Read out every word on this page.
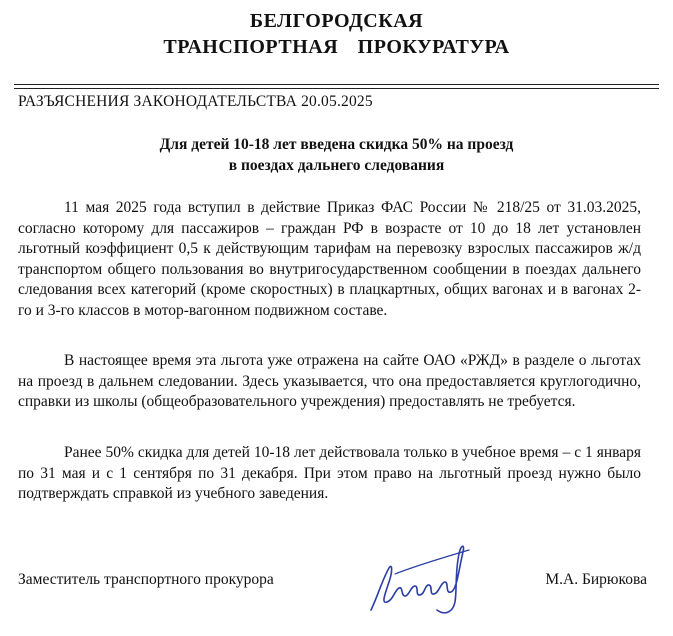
БЕЛГОРОДСКАЯ
ТРАНСПОРТНАЯ ПРОКУРАТУРА
РАЗЪЯСНЕНИЯ ЗАКОНОДАТЕЛЬСТВА 20.05.2025
Для детей 10-18 лет введена скидка 50% на проезд
в поездах дальнего следования

11 мая 2025 года вступил в действие Приказ ФАС России № 218/25 от 31.03.2025, согласно которому для пассажиров – граждан РФ в возрасте от 10 до 18 лет установлен льготный коэффициент 0,5 к действующим тарифам на перевозку взрослых пассажиров ж/д транспортом общего пользования во внутригосударственном сообщении в поездах дальнего следования всех категорий (кроме скоростных) в плацкартных, общих вагонах и в вагонах 2-го и 3-го классов в мотор-вагонном подвижном составе.

В настоящее время эта льгота уже отражена на сайте ОАО «РЖД» в разделе о льготах на проезд в дальнем следовании. Здесь указывается, что она предоставляется круглогодично, справки из школы (общеобразовательного учреждения) предоставлять не требуется.

Ранее 50% скидка для детей 10-18 лет действовала только в учебное время – с 1 января по 31 мая и с 1 сентября по 31 декабря. При этом право на льготный проезд нужно было подтверждать справкой из учебного заведения.

Заместитель транспортного прокурора	М.А. Бирюкова
